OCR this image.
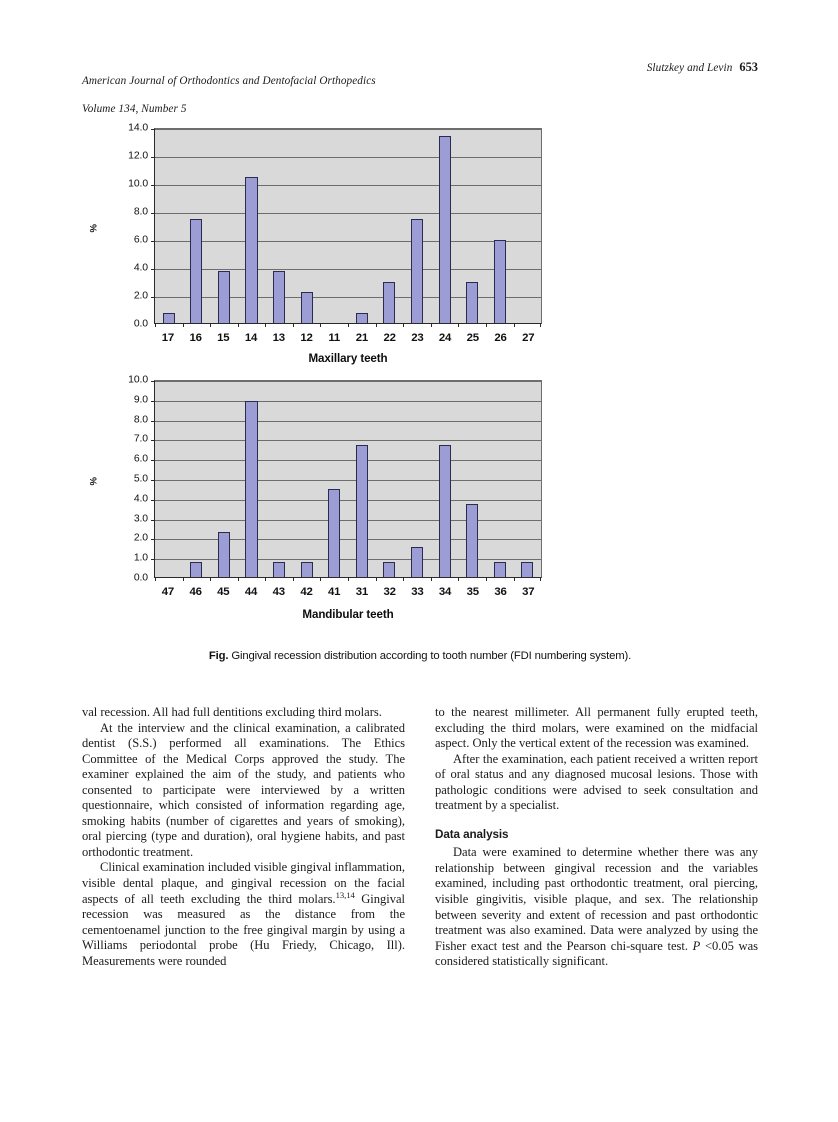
American Journal of Orthodontics and Dentofacial Orthopedics

Volume 134, Number 5

Slutzkey and Levin 653
%
0.0
2.0
4.0
6.0
8.0
10.0
12.0
14.0
17	16	15	14	13	12	11	21	22	23	24	25	26	27
Maxillary teeth
%
0.0
1.0
2.0
3.0
4.0
5.0
6.0
7.0
8.0
9.0
10.0
47	46	45	44	43	42	41	31	32	33	34	35	36	37
Mandibular teeth
Fig. Gingival recession distribution according to tooth number (FDI numbering system).

val recession. All had full dentitions excluding third molars.

At the interview and the clinical examination, a calibrated dentist (S.S.) performed all examinations. The Ethics Committee of the Medical Corps approved the study. The examiner explained the aim of the study, and patients who consented to participate were interviewed by a written questionnaire, which consisted of information regarding age, smoking habits (number of cigarettes and years of smoking), oral piercing (type and duration), oral hygiene habits, and past orthodontic treatment.

Clinical examination included visible gingival inflammation, visible dental plaque, and gingival recession on the facial aspects of all teeth excluding the third molars.$^{13,14}$ Gingival recession was measured as the distance from the cementoenamel junction to the free gingival margin by using a Williams periodontal probe (Hu Friedy, Chicago, Ill). Measurements were rounded

to the nearest millimeter. All permanent fully erupted teeth, excluding the third molars, were examined on the midfacial aspect. Only the vertical extent of the recession was examined.

After the examination, each patient received a written report of oral status and any diagnosed mucosal lesions. Those with pathologic conditions were advised to seek consultation and treatment by a specialist.

Data analysis

Data were examined to determine whether there was any relationship between gingival recession and the variables examined, including past orthodontic treatment, oral piercing, visible gingivitis, visible plaque, and sex. The relationship between severity and extent of recession and past orthodontic treatment was also examined. Data were analyzed by using the Fisher exact test and the Pearson chi-square test. P <0.05 was considered statistically significant.
